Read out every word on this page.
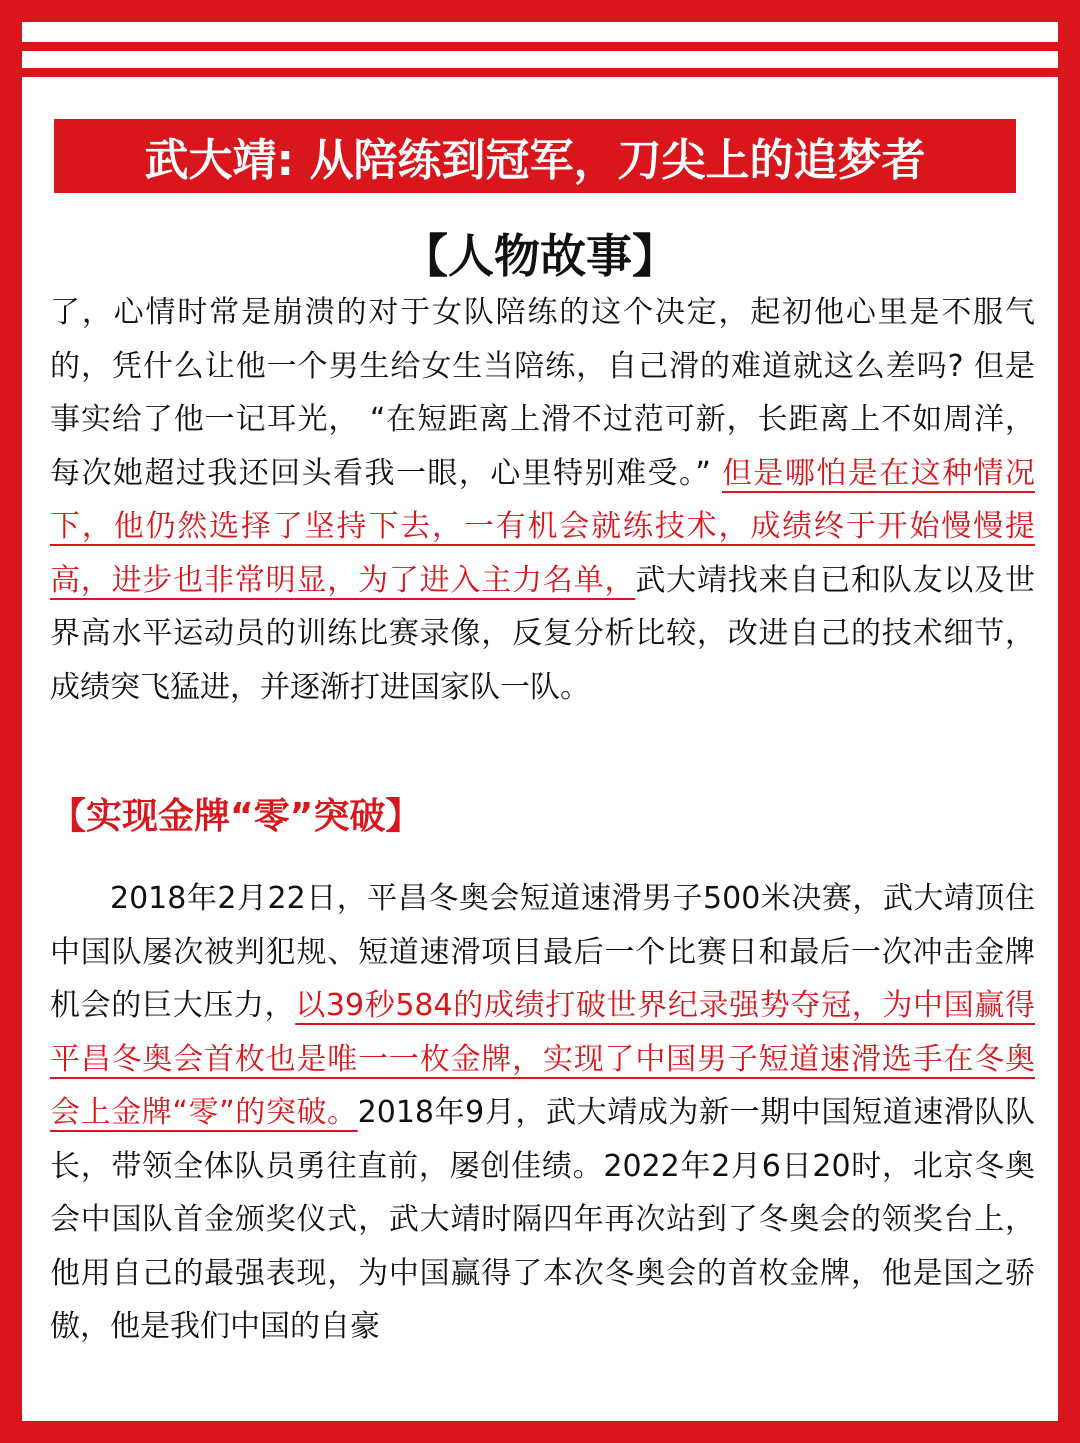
武大靖: 从陪练到冠军，刀尖上的追梦者
【人物故事】
了，心情时常是崩溃的对于女队陪练的这个决定，起初他心里是不服气的，凭什么让他一个男生给女生当陪练，自己滑的难道就这么差吗? 但是事实给了他一记耳光， “在短距离上滑不过范可新，长距离上不如周洋，每次她超过我还回头看我一眼，心里特别难受。” 但是哪怕是在这种情况下，他仍然选择了坚持下去，一有机会就练技术，成绩终于开始慢慢提高，进步也非常明显，为了进入主力名单，武大靖找来自已和队友以及世界高水平运动员的训练比赛录像，反复分析比较，改进自己的技术细节，成绩突飞猛进，并逐渐打进国家队一队。
【实现金牌“零”突破】
2018年2月22日，平昌冬奥会短道速滑男子500米决赛，武大靖顶住中国队屡次被判犯规、短道速滑项目最后一个比赛日和最后一次冲击金牌机会的巨大压力，以39秒584的成绩打破世界纪录强势夺冠，为中国赢得平昌冬奥会首枚也是唯一一枚金牌，实现了中国男子短道速滑选手在冬奥会上金牌“零”的突破。2018年9月，武大靖成为新一期中国短道速滑队队长，带领全体队员勇往直前，屡创佳绩。2022年2月6日20时，北京冬奥会中国队首金颁奖仪式，武大靖时隔四年再次站到了冬奥会的领奖台上，他用自己的最强表现，为中国赢得了本次冬奥会的首枚金牌，他是国之骄傲，他是我们中国的自豪
